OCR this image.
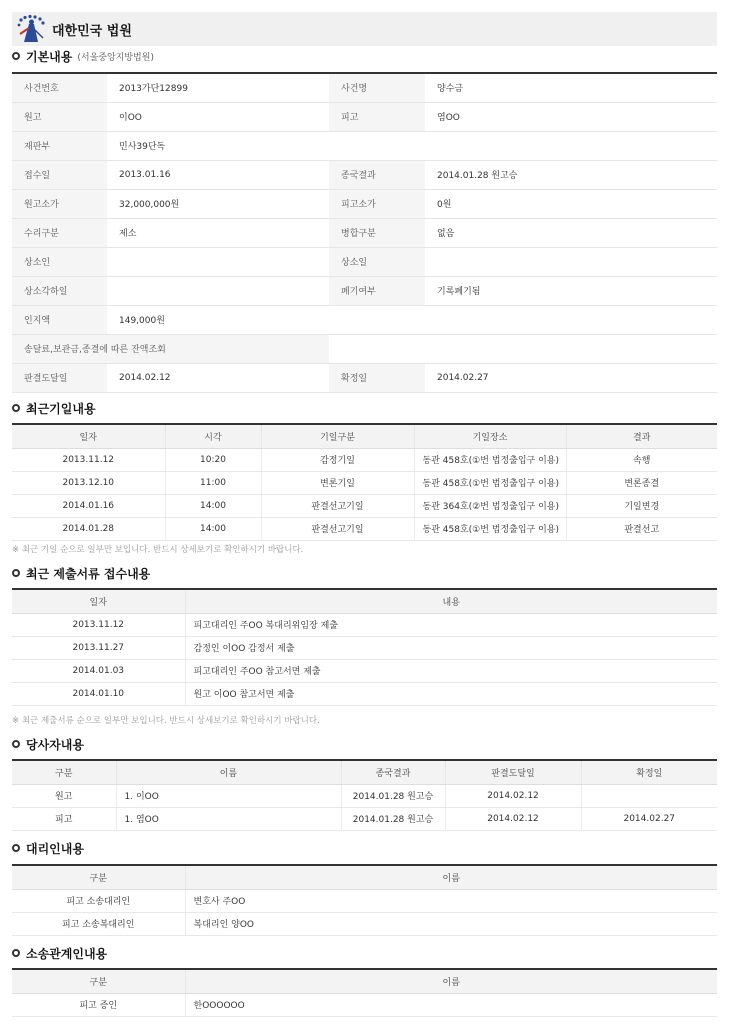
대한민국 법원
기본내용 (서울중앙지방법원)
사건번호	2013가단12899	사건명	양수금
원고	이OO	피고	염OO
재판부	민사39단독		
접수일	2013.01.16	종국결과	2014.01.28 원고승
원고소가	32,000,000원	피고소가	0원
수리구분	제소	병합구분	없음
상소인		상소일	
상소각하일		폐기여부	기록폐기됨
인지액	149,000원		
송달료,보관금,종결에 따른 잔액조회			
판결도달일	2014.02.12	확정일	2014.02.27
최근기일내용
일자	시각	기일구분	기일장소	결과
2013.11.12	10:20	감정기일	동관 458호(①번 법정출입구 이용)	속행
2013.12.10	11:00	변론기일	동관 458호(①번 법정출입구 이용)	변론종결
2014.01.16	14:00	판결선고기일	동관 364호(②번 법정출입구 이용)	기일변경
2014.01.28	14:00	판결선고기일	동관 458호(①번 법정출입구 이용)	판결선고
※ 최근 기일 순으로 일부만 보입니다. 반드시 상세보기로 확인하시기 바랍니다.
최근 제출서류 접수내용
일자	내용
2013.11.12	피고대리인 주OO 복대리위임장 제출
2013.11.27	감정인 이OO 감정서 제출
2014.01.03	피고대리인 주OO 참고서면 제출
2014.01.10	원고 이OO 참고서면 제출
※ 최근 제출서류 순으로 일부만 보입니다. 반드시 상세보기로 확인하시기 바랍니다.
당사자내용
구분	이름	종국결과	판결도달일	확정일
원고	1. 이OO	2014.01.28 원고승	2014.02.12	
피고	1. 염OO	2014.01.28 원고승	2014.02.12	2014.02.27
대리인내용
구분	이름
피고 소송대리인	변호사 주OO
피고 소송복대리인	복대리인 양OO
소송관계인내용
구분	이름
피고 증인	한OOOOOO
